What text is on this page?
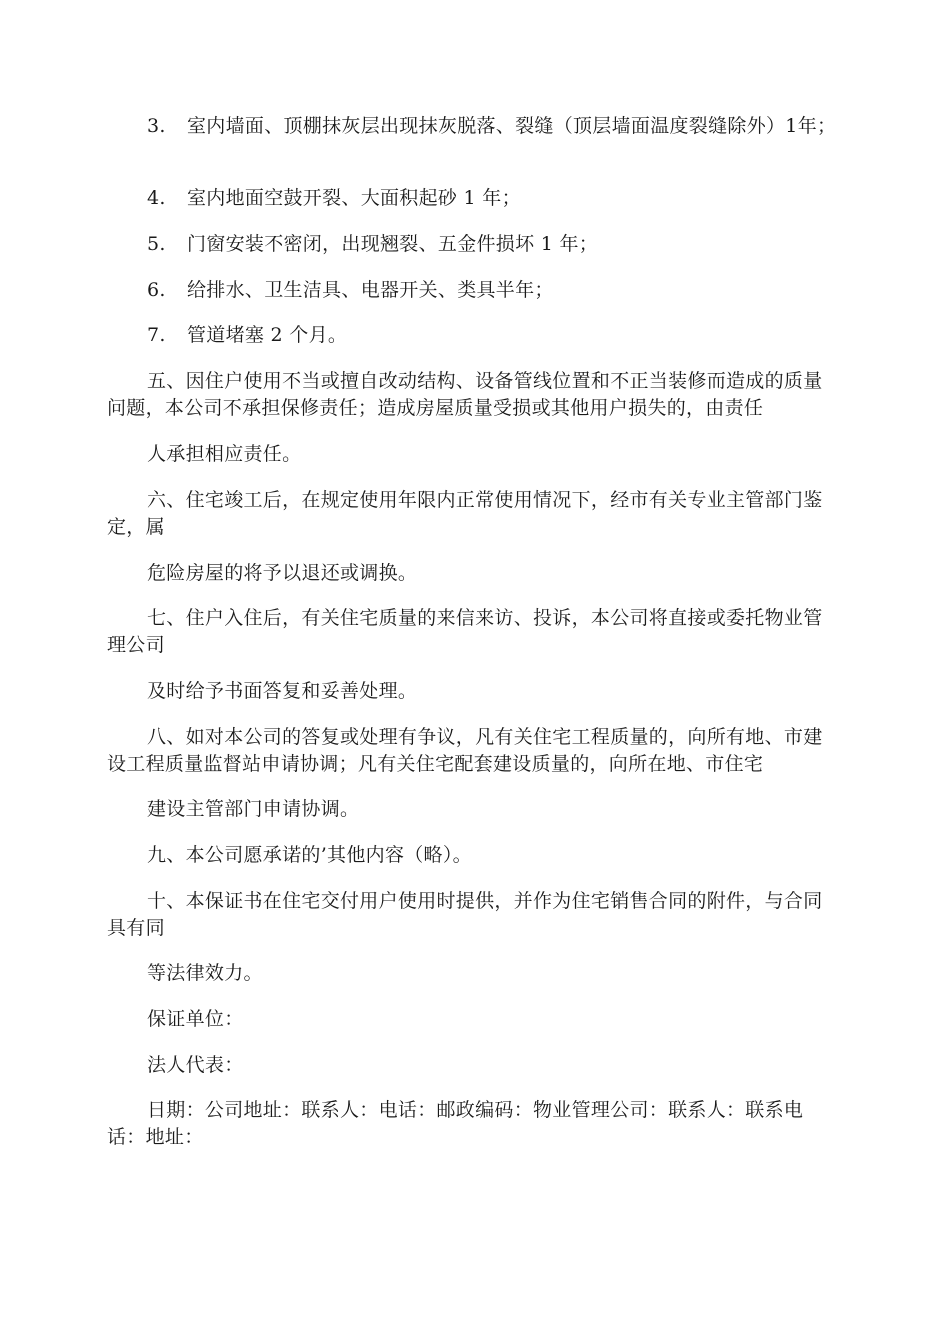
3. 室内墙面、顶棚抹灰层出现抹灰脱落、裂缝（顶层墙面温度裂缝除外）1年；
4. 室内地面空鼓开裂、大面积起砂 1 年；
5. 门窗安装不密闭，出现翘裂、五金件损坏 1 年；
6. 给排水、卫生洁具、电器开关、类具半年；
7. 管道堵塞 2 个月。
五、因住户使用不当或擅自改动结构、设备管线位置和不正当装修而造成的质量问题，本公司不承担保修责任；造成房屋质量受损或其他用户损失的，由责任
人承担相应责任。
六、住宅竣工后，在规定使用年限内正常使用情况下，经市有关专业主管部门鉴定，属
危险房屋的将予以退还或调换。
七、住户入住后，有关住宅质量的来信来访、投诉，本公司将直接或委托物业管理公司
及时给予书面答复和妥善处理。
八、如对本公司的答复或处理有争议，凡有关住宅工程质量的，向所有地、市建设工程质量监督站申请协调；凡有关住宅配套建设质量的，向所在地、市住宅
建设主管部门申请协调。
九、本公司愿承诺的’其他内容（略）。
十、本保证书在住宅交付用户使用时提供，并作为住宅销售合同的附件，与合同具有同
等法律效力。
保证单位：
法人代表：
日期：公司地址：联系人：电话：邮政编码：物业管理公司：联系人：联系电话：地址：
